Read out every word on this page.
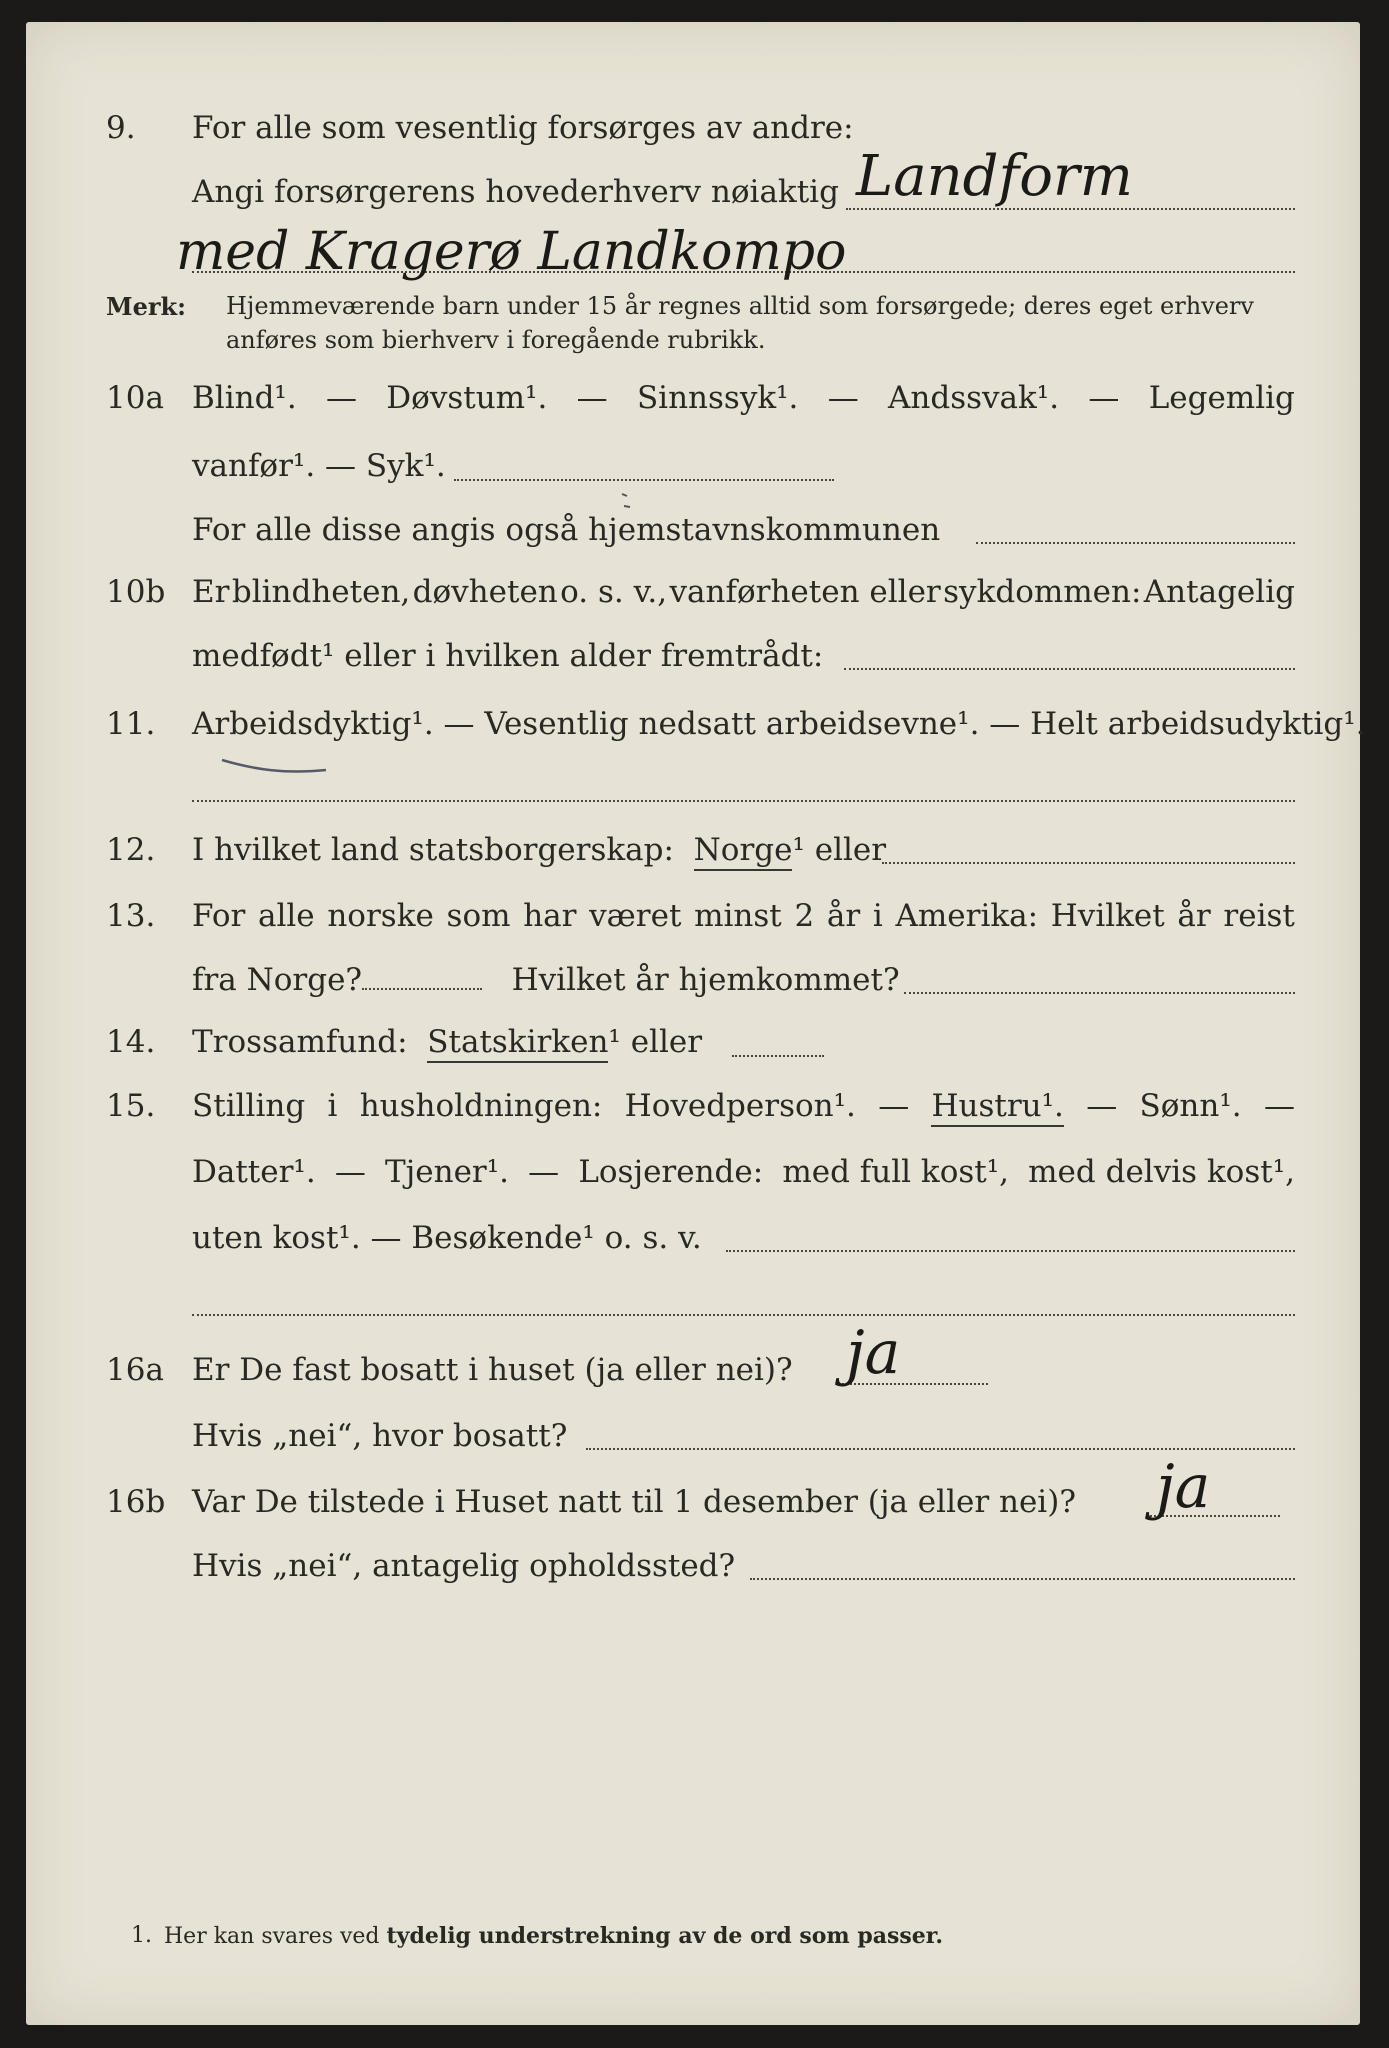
9. For alle som vesentlig forsørges av andre:
Angi forsørgerens hovederhverv nøiaktig Landform
med Kragerø Landkompo
Merk: Hjemmeværende barn under 15 år regnes alltid som forsørgede; deres eget erhverv
anføres som bierhverv i foregående rubrikk.
10a Blind¹. — Døvstum¹. — Sinnssyk¹. — Andssvak¹. — Legemlig
vanfør¹. — Syk¹.
For alle disse angis også hjemstavnskommunen
10b Er blindheten, døvheten o. s. v., vanførheten eller sykdommen: Antagelig
medfødt¹ eller i hvilken alder fremtrådt:
11. Arbeidsdyktig¹. — Vesentlig nedsatt arbeidsevne¹. — Helt arbeidsudyktig¹.
12. I hvilket land statsborgerskap: Norge¹ eller
13. For alle norske som har været minst 2 år i Amerika: Hvilket år reist
fra Norge?	Hvilket år hjemkommet?
14. Trossamfund: Statskirken¹ eller
15. Stilling i husholdningen: Hovedperson¹. — Hustru¹. — Sønn¹. —
Datter¹. — Tjener¹. — Losjerende: med full kost¹, med delvis kost¹,
uten kost¹. — Besøkende¹ o. s. v.
16a Er De fast bosatt i huset (ja eller nei)? ja
Hvis „nei“, hvor bosatt?
16b Var De tilstede i Huset natt til 1 desember (ja eller nei)? ja
Hvis „nei“, antagelig opholdssted?
1. Her kan svares ved tydelig understrekning av de ord som passer.
